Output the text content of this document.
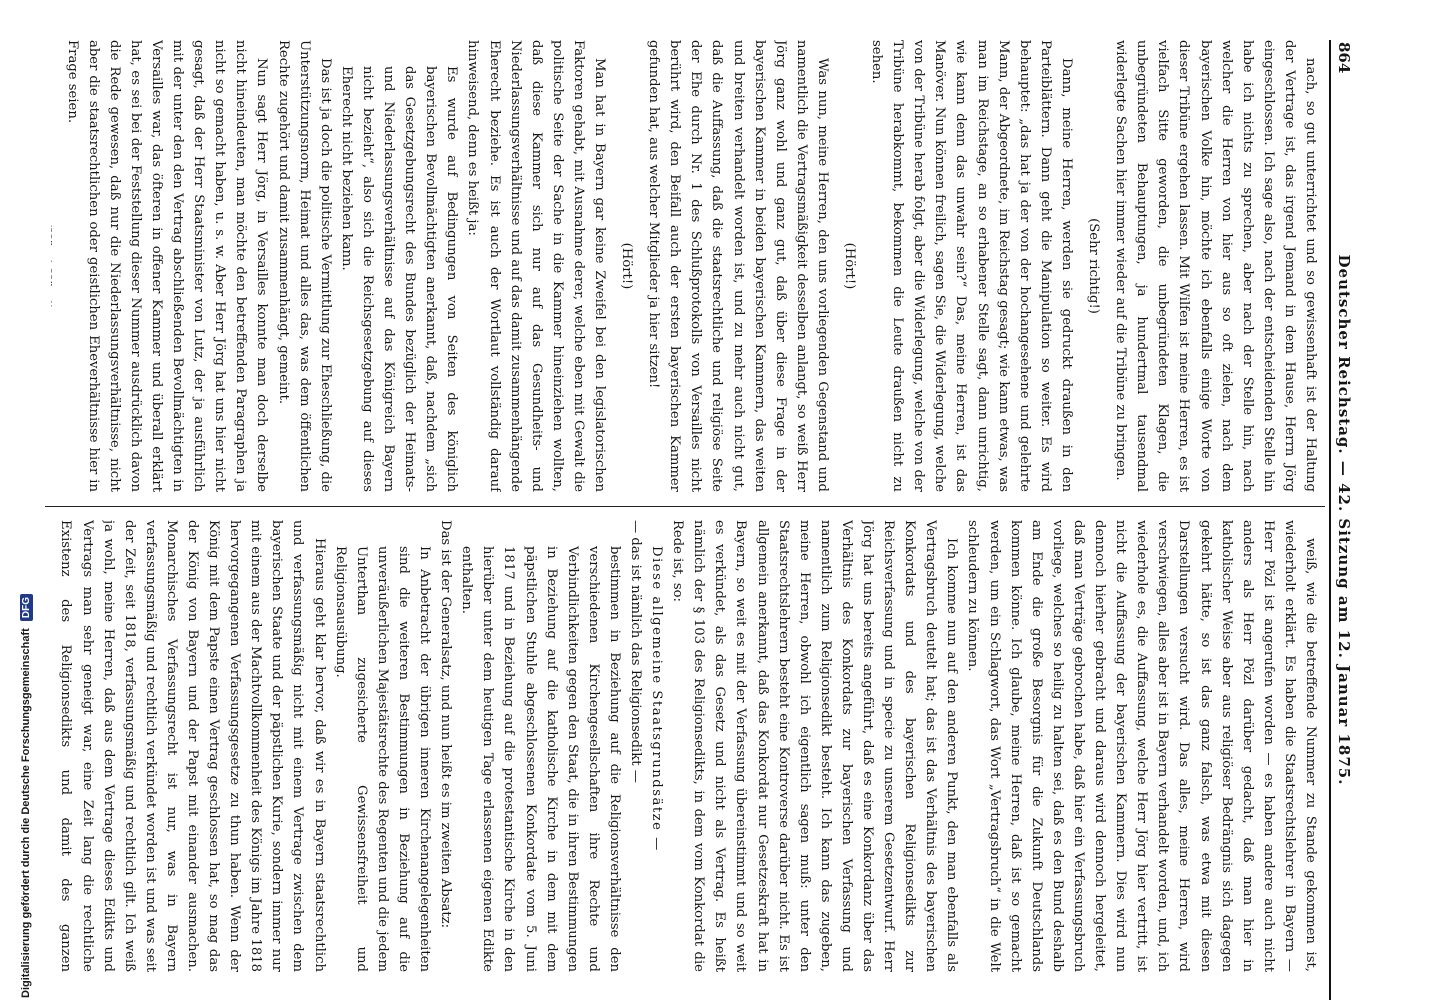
864
Deutscher Reichstag. — 42. Sitzung am 12. Januar 1875.

nach, so gut unterrichtet und so gewissenhaft ist der Haltung der Vertrage ist, das irgend Jemand in dem Hause, Herrn Jörg eingeschlossen. Ich sage also, nach der entscheidenden Stelle hin habe ich nichts zu sprechen, aber nach der Stelle hin, nach welcher die Herren von hier aus so oft zielen, nach dem bayerischen Volke hin, möchte ich ebenfalls einige Worte von dieser Tribüne ergehen lassen. Mit Wilfen ist meine Herren, es ist vielfach Sitte geworden, die unbegründeten Klagen, die unbegründeten Behauptungen, ja hundertmal tausendmal widerlegte Sachen hier immer wieder auf die Tribüne zu bringen.

(Sehr richtig!)

Dann, meine Herren, werden sie gedruckt draußen in den Parteiblättern. Dann geht die Manipulation so weiter. Es wird behauptet: „das hat ja der von der hochangesehene und gelehrte Mann, der Abgeordnete, im Reichstag gesagt; wie kann etwas, was man im Reichstage, an so erhabener Stelle sagt, dann unrichtig, wie kann denn das unwahr sein?“ Das, meine Herren, ist das Manöver. Nun können freilich, sagen Sie, die Widerlegung, welche von der Tribüne herab folgt, aber die Widerlegung, welche von der Tribüne herabkommt, bekommen die Leute draußen nicht zu sehen.

(Hört!)

Was nun, meine Herren, den uns vorliegenden Gegenstand und namentlich die Vertragsmäßigkeit desselben anlangt, so weiß Herr Jörg ganz wohl und ganz gut, daß über diese Frage in der bayerischen Kammer in beiden bayerischen Kammern, das weiten und breiten verhandelt worden ist, und zu mehr auch nicht gut, daß die Auffassung, daß die staatsrechtliche und religiöse Seite der Ehe durch Nr. 1 des Schlußprotokolls von Versailles nicht berührt wird, den Beifall auch der ersten bayerischen Kammer gefunden hat, aus welcher Mitglieder ja hier sitzen!

(Hört!)

Man hat in Bayern gar keine Zweifel bei den legislatorischen Faktoren gehabt, mit Ausnahme derer, welche eben mit Gewalt die politische Seite der Sache in die Kammer hineinziehen wollten, daß diese Kammer sich nur auf das Gesundheits- und Niederlassungsverhältnisse und auf das damit zusammenhängende Eherecht beziehe. Es ist auch der Wortlaut vollständig darauf hinweisend, denn es heißt ja:

Es wurde auf Bedingungen von Seiten des königlich bayerischen Bevollmächtigten anerkannt, daß, nachdem „sich das Gesetzgebungsrecht des Bundes bezüglich der Heimats- und Niederlassungsverhältnisse auf das Königreich Bayern nicht bezieht“, also sich die Reichsgesetzgebung auf dieses Eherecht nicht beziehen kann.

Das ist ja doch die politische Vermittlung zur Eheschließung, die Unterstützungsnorm, Heimat und alles das, was dem öffentlichen Rechte zugehört und damit zusammenhängt, gemeint.

Nun sagt Herr Jörg, in Versailles konnte man doch derselbe nicht hineindeuten, man möchte den betreffenden Paragraphen ja nicht so gemacht haben, u. s. w. Aber Herr Jörg hat uns hier nicht gesagt, daß der Herr Staatsminister von Lutz, der ja ausführlich mit der unter den den Vertrag abschließenden Bevollmächtigten in Versailles war, das öfteren in offener Kammer und überall erklärt hat, es sei bei der Feststellung dieser Nummer ausdrücklich davon die Rede gewesen, daß nur die Niederlassungsverhältnisse, nicht aber die staatsrechtlichen oder geistlichen Eheverhältnisse hier in Frage seien.

weiß, wie die betreffende Nummer zu Stande gekommen ist, wiederholt erklärt. Es haben die Staatsrechtslehrer in Bayern — Herr Pözl ist angerufen worden — es haben andere auch nicht anders als Herr Pözl darüber gedacht, daß man hier in katholischer Weise aber aus religiöser Bedrängnis sich dagegen gekehrt hätte, so ist das ganz falsch, was etwa mit diesen Darstellungen versucht wird. Das alles, meine Herren, wird verschwiegen, alles aber ist in Bayern verhandelt worden, und, ich wiederhole es, die Auffassung, welche Herr Jörg hier vertritt, ist nicht die Auffassung der bayerischen Kammern. Dies wird nun dennoch hierher gebracht und daraus wird dennoch hergeleitet, daß man Verträge gebrochen habe, daß hier ein Verfassungsbruch vorliege, welches so heilig zu halten sei, daß es den Bund deshalb am Ende die große Besorgnis für die Zukunft Deutschlands kommen könne. Ich glaube, meine Herren, daß ist so gemacht werden, um ein Schlagwort, das Wort „Vertragsbruch“ in die Welt schleudern zu können.

Ich komme nun auf den anderen Punkt, den man ebenfalls als Vertragsbruch deutelt hat; das ist das Verhältnis des bayerischen Konkordats und des bayerischen Religionsedikts zur Reichsverfassung und in specie zu unserem Gesetzentwurf. Herr Jörg hat uns bereits angeführt, daß es eine Konkordanz über das Verhältnis des Konkordats zur bayerischen Verfassung und namentlich zum Religionsedikt besteht. Ich kann das zugeben, meine Herren, obwohl ich eigentlich sagen muß: unter den Staatsrechtslehrern besteht eine Kontroverse darüber nicht. Es ist allgemein anerkannt, daß das Konkordat nur Gesetzeskraft hat in Bayern, so weit es mit der Verfassung übereinstimmt und so weit es verkündet, als das Gesetz und nicht als Vertrag. Es heißt nämlich der § 103 des Religionsedikts, in dem vom Konkordat die Rede ist, so:

Diese allgemeine Staatsgrundsätze —

— das ist nämlich das Religionsedikt —

bestimmen in Beziehung auf die Religionsverhältnisse den verschiedenen Kirchengesellschaften ihre Rechte und Verbindlichkeiten gegen den Staat, die in ihren Bestimmungen in Beziehung auf die katholische Kirche in dem mit dem päpstlichen Stuhle abgeschlossenen Konkordate vom 5. Juni 1817 und in Beziehung auf die protestantische Kirche in den hierüber unter dem heutigen Tage erlassenen eigenen Edikte enthalten.

Das ist der Generalsatz, und nun heißt es im zweiten Absatz:

In Anbetracht der übrigen inneren Kirchenangelegenheiten sind die weiteren Bestimmungen in Beziehung auf die unveräußerlichen Majestätsrechte des Regenten und die jedem Unterthan zugesicherte Gewissensfreiheit und Religionsausübung.

Hieraus geht klar hervor, daß wir es in Bayern staatsrechtlich und verfassungsmäßig nicht mit einem Vertrage zwischen dem bayerischen Staate und der päpstlichen Kurie, sondern immer nur mit einem aus der Machtvollkommenheit des Königs im Jahre 1818 hervorgegangenen Verfassungsgesetze zu thun haben. Wenn der König mit dem Papste einen Vertrag geschlossen hat, so mag das der König von Bayern und der Papst mit einander ausmachen. Monarchisches Verfassungsrecht ist nur, was in Bayern verfassungsmäßig und rechtlich verkündet worden ist und was seit der Zeit, seit 1818, verfassungsmäßig und rechtlich gilt. Ich weiß ja wohl, meine Herren, daß aus dem Vertrage dieses Edikts und Vertrags man sehr geneigt war, eine Zeit lang die rechtliche Existenz des Religionsedikts und damit des ganzen

Digitalisierung gefördert durch die Deutsche Forschungsgemeinschaft DFG
